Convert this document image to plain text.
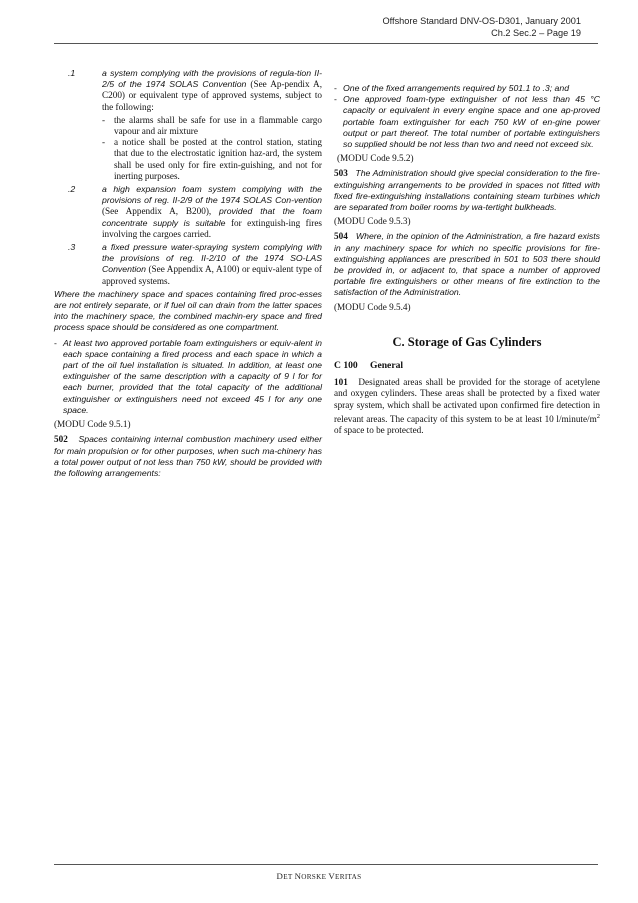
Offshore Standard DNV-OS-D301, January 2001
Ch.2 Sec.2 – Page 19
.1	a system complying with the provisions of regula-tion II-2/5 of the 1974 SOLAS Convention (See Ap-pendix A, C200) or equivalent type of approved systems, subject to the following:
- the alarms shall be safe for use in a flammable cargo vapour and air mixture
- a notice shall be posted at the control station, stating that due to the electrostatic ignition haz-ard, the system shall be used only for fire extin-guishing, and not for inerting purposes.
.2	a high expansion foam system complying with the provisions of reg. II-2/9 of the 1974 SOLAS Con-vention (See Appendix A, B200), provided that the foam concentrate supply is suitable for extinguish-ing fires involving the cargoes carried.
.3	a fixed pressure water-spraying system complying with the provisions of reg. II-2/10 of the 1974 SO-LAS Convention (See Appendix A, A100) or equiv-alent type of approved systems.

Where the machinery space and spaces containing fired proc-esses are not entirely separate, or if fuel oil can drain from the latter spaces into the machinery space, the combined machin-ery space and fired process space should be considered as one compartment.

- At least two approved portable foam extinguishers or equiv-alent in each space containing a fired process and each space in which a part of the oil fuel installation is situated. In addition, at least one extinguisher of the same description with a capacity of 9 l for for each burner, provided that the total capacity of the additional extinguisher or extinguishers need not exceed 45 l for any one space.
(MODU Code 9.5.1)

502 Spaces containing internal combustion machinery used either for main propulsion or for other purposes, when such ma-chinery has a total power output of not less than 750 kW, should be provided with the following arrangements:

- One of the fixed arrangements required by 501.1 to .3; and
- One approved foam-type extinguisher of not less than 45 °C capacity or equivalent in every engine space and one ap-proved portable foam extinguisher for each 750 kW of en-gine power output or part thereof. The total number of portable extinguishers so supplied should be not less than two and need not exceed six.
(MODU Code 9.5.2)

503 The Administration should give special consideration to the fire-extinguishing arrangements to be provided in spaces not fitted with fixed fire-extinguishing installations containing steam turbines which are separated from boiler rooms by wa-tertight bulkheads.

(MODU Code 9.5.3)

504 Where, in the opinion of the Administration, a fire hazard exists in any machinery space for which no specific provisions for fire-extinguishing appliances are prescribed in 501 to 503 there should be provided in, or adjacent to, that space a number of approved portable fire extinguishers or other means of fire extinction to the satisfaction of the Administration.

(MODU Code 9.5.4)
C. Storage of Gas Cylinders
C 100 General

101 Designated areas shall be provided for the storage of acetylene and oxygen cylinders. These areas shall be protected by a fixed water spray system, which shall be activated upon confirmed fire detection in relevant areas. The capacity of this system to be at least 10 $l/minute/m^2$ of space to be protected.

DET NORSKE VERITAS
